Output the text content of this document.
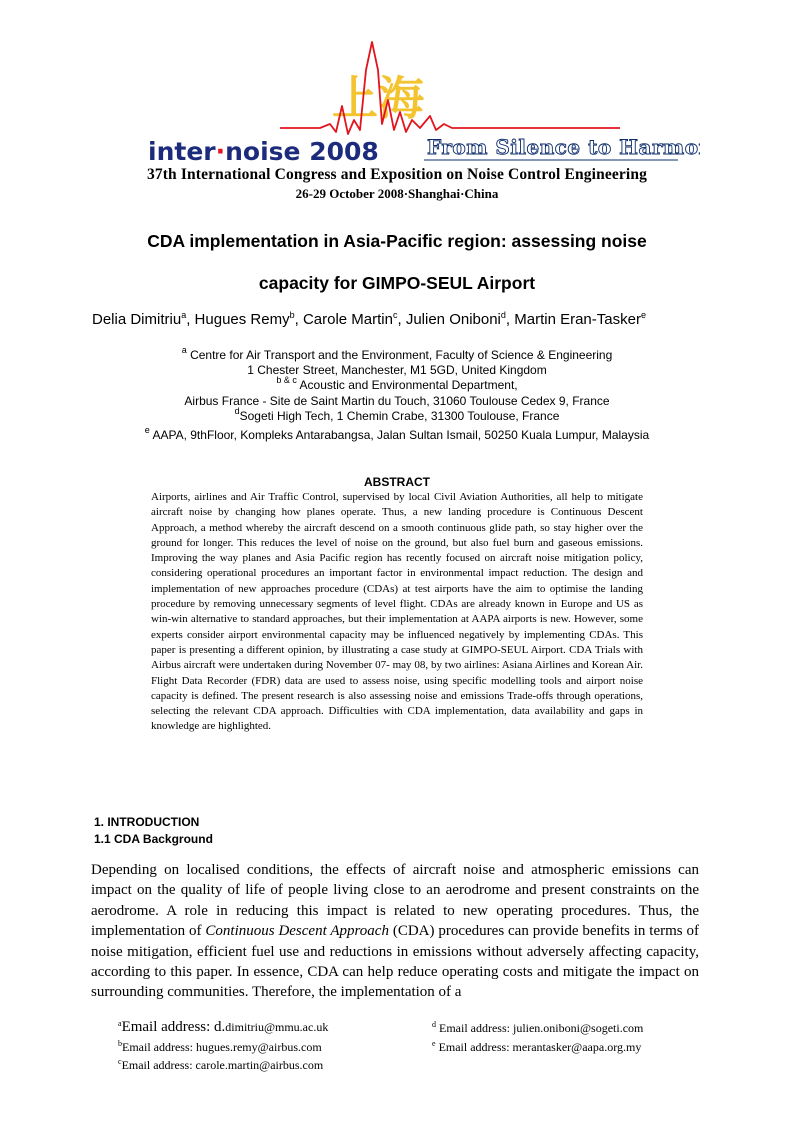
上海
inter·noise 2008 From Silence to Harmony
37th International Congress and Exposition on Noise Control Engineering
26-29 October 2008·Shanghai·China
CDA implementation in Asia-Pacific region: assessing noise
capacity for GIMPO-SEUL Airport
Delia Dimitriu$^a$, Hugues Remy$^b$, Carole Martin$^c$, Julien Oniboni$^d$, Martin Eran-Tasker$^e$
$^a$ Centre for Air Transport and the Environment, Faculty of Science & Engineering
1 Chester Street, Manchester, M1 5GD, United Kingdom
$^{b \& c}$ Acoustic and Environmental Department,
Airbus France - Site de Saint Martin du Touch, 31060 Toulouse Cedex 9, France
$^d$Sogeti High Tech, 1 Chemin Crabe, 31300 Toulouse, France
$^e$ AAPA, 9thFloor, Kompleks Antarabangsa, Jalan Sultan Ismail, 50250 Kuala Lumpur, Malaysia
ABSTRACT
Airports, airlines and Air Traffic Control, supervised by local Civil Aviation Authorities, all help to mitigate aircraft noise by changing how planes operate. Thus, a new landing procedure is Continuous Descent Approach, a method whereby the aircraft descend on a smooth continuous glide path, so stay higher over the ground for longer. This reduces the level of noise on the ground, but also fuel burn and gaseous emissions. Improving the way planes and Asia Pacific region has recently focused on aircraft noise mitigation policy, considering operational procedures an important factor in environmental impact reduction. The design and implementation of new approaches procedure (CDAs) at test airports have the aim to optimise the landing procedure by removing unnecessary segments of level flight. CDAs are already known in Europe and US as win-win alternative to standard approaches, but their implementation at AAPA airports is new. However, some experts consider airport environmental capacity may be influenced negatively by implementing CDAs. This paper is presenting a different opinion, by illustrating a case study at GIMPO-SEUL Airport. CDA Trials with Airbus aircraft were undertaken during November 07- may 08, by two airlines: Asiana Airlines and Korean Air. Flight Data Recorder (FDR) data are used to assess noise, using specific modelling tools and airport noise capacity is defined. The present research is also assessing noise and emissions Trade-offs through operations, selecting the relevant CDA approach. Difficulties with CDA implementation, data availability and gaps in knowledge are highlighted.
1. INTRODUCTION
1.1 CDA Background
Depending on localised conditions, the effects of aircraft noise and atmospheric emissions can impact on the quality of life of people living close to an aerodrome and present constraints on the aerodrome. A role in reducing this impact is related to new operating procedures. Thus, the implementation of Continuous Descent Approach (CDA) procedures can provide benefits in terms of noise mitigation, efficient fuel use and reductions in emissions without adversely affecting capacity, according to this paper. In essence, CDA can help reduce operating costs and mitigate the impact on surrounding communities. Therefore, the implementation of a
$^a$Email address: d.dimitriu@mmu.ac.uk
$^b$Email address: hugues.remy@airbus.com
$^c$Email address: carole.martin@airbus.com
$^d$ Email address: julien.oniboni@sogeti.com
$^e$ Email address: merantasker@aapa.org.my
